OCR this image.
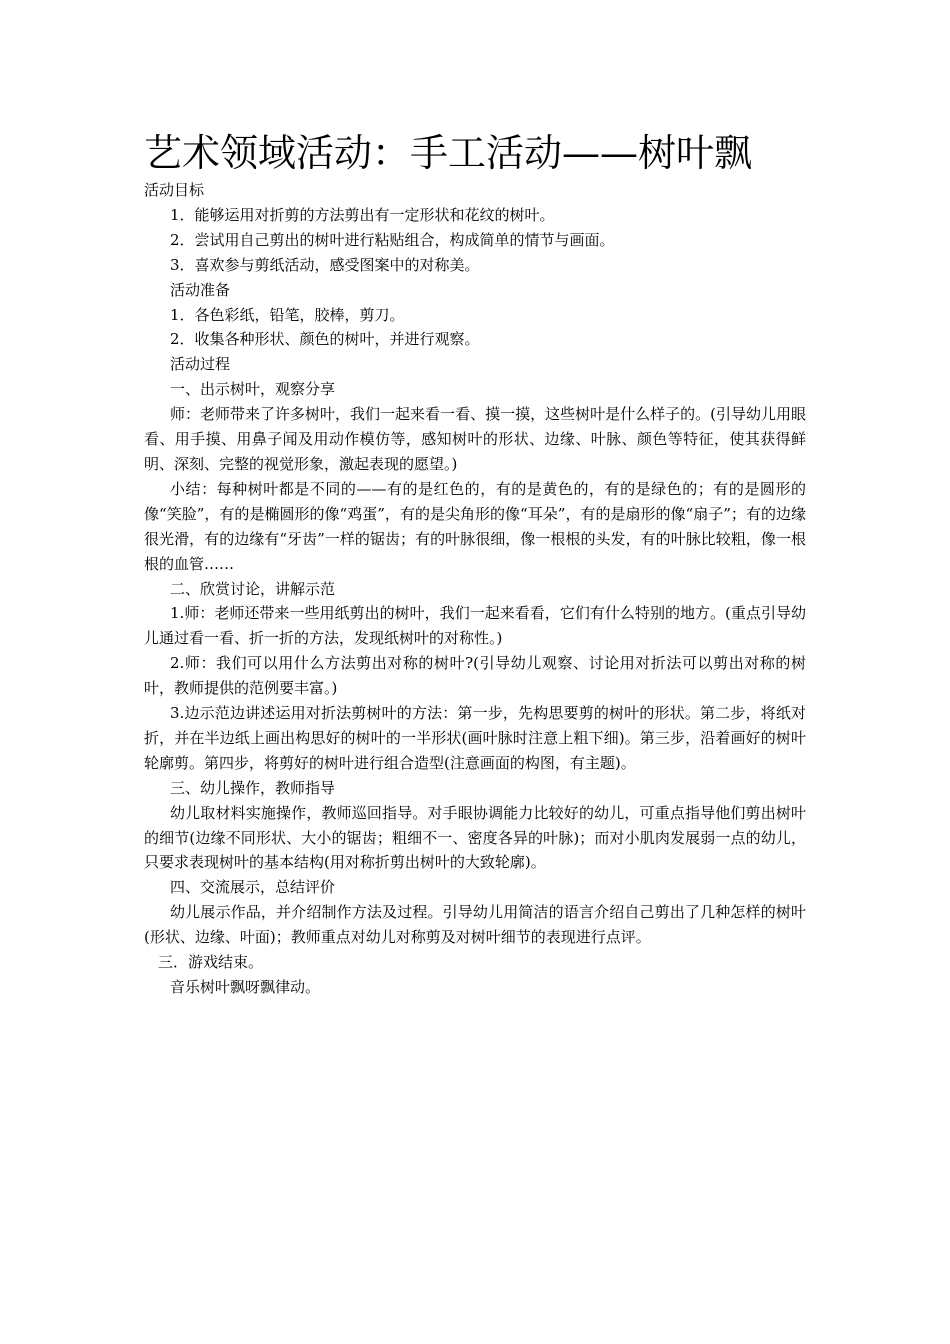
艺术领域活动：手工活动——树叶飘

活动目标

1．能够运用对折剪的方法剪出有一定形状和花纹的树叶。

2．尝试用自己剪出的树叶进行粘贴组合，构成简单的情节与画面。

3．喜欢参与剪纸活动，感受图案中的对称美。

活动准备

1．各色彩纸，铅笔，胶棒，剪刀。

2．收集各种形状、颜色的树叶，并进行观察。

活动过程

一、出示树叶，观察分享

师：老师带来了许多树叶，我们一起来看一看、摸一摸，这些树叶是什么样子的。(引导幼儿用眼看、用手摸、用鼻子闻及用动作模仿等，感知树叶的形状、边缘、叶脉、颜色等特征，使其获得鲜明、深刻、完整的视觉形象，激起表现的愿望。)

小结：每种树叶都是不同的——有的是红色的，有的是黄色的，有的是绿色的；有的是圆形的像“笑脸”，有的是椭圆形的像“鸡蛋”，有的是尖角形的像“耳朵”，有的是扇形的像“扇子”；有的边缘很光滑，有的边缘有“牙齿”一样的锯齿；有的叶脉很细，像一根根的头发，有的叶脉比较粗，像一根根的血管……

二、欣赏讨论，讲解示范

1.师：老师还带来一些用纸剪出的树叶，我们一起来看看，它们有什么特别的地方。(重点引导幼儿通过看一看、折一折的方法，发现纸树叶的对称性。)

2.师：我们可以用什么方法剪出对称的树叶?(引导幼儿观察、讨论用对折法可以剪出对称的树叶，教师提供的范例要丰富。)

3.边示范边讲述运用对折法剪树叶的方法：第一步，先构思要剪的树叶的形状。第二步，将纸对折，并在半边纸上画出构思好的树叶的一半形状(画叶脉时注意上粗下细)。第三步，沿着画好的树叶轮廓剪。第四步，将剪好的树叶进行组合造型(注意画面的构图，有主题)。

三、幼儿操作，教师指导

幼儿取材料实施操作，教师巡回指导。对手眼协调能力比较好的幼儿，可重点指导他们剪出树叶的细节(边缘不同形状、大小的锯齿；粗细不一、密度各异的叶脉)；而对小肌肉发展弱一点的幼儿，只要求表现树叶的基本结构(用对称折剪出树叶的大致轮廓)。

四、交流展示，总结评价

幼儿展示作品，并介绍制作方法及过程。引导幼儿用简洁的语言介绍自己剪出了几种怎样的树叶(形状、边缘、叶面)；教师重点对幼儿对称剪及对树叶细节的表现进行点评。

三．游戏结束。

音乐树叶飘呀飘律动。
